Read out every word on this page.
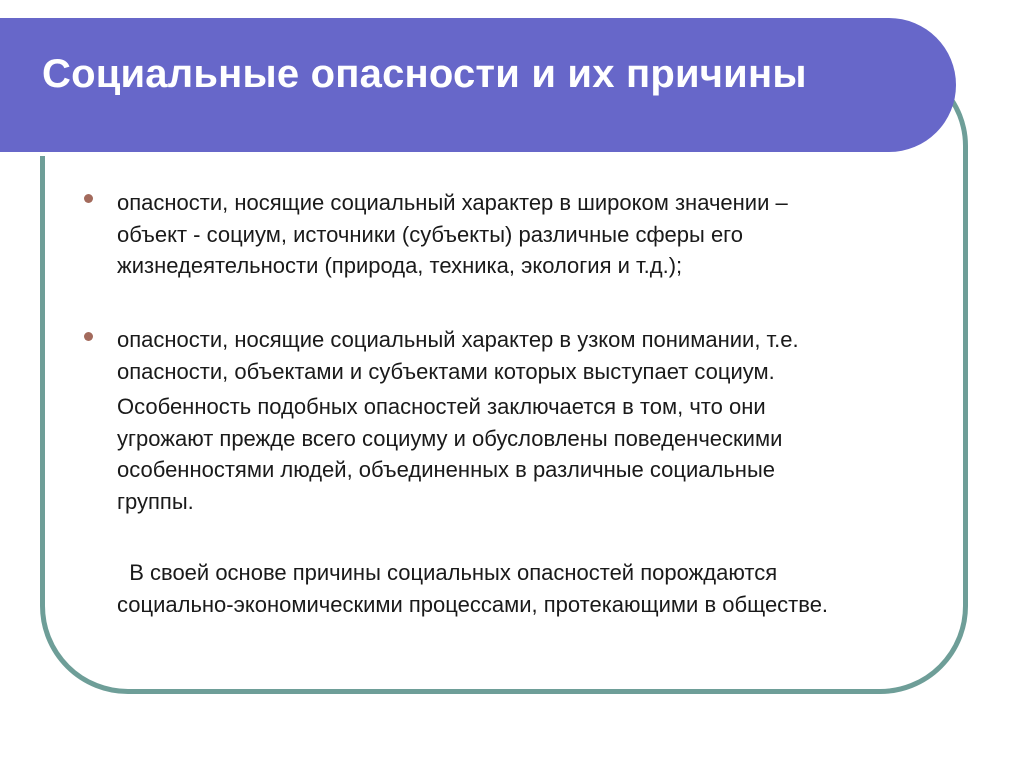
Социальные опасности и их причины

опасности, носящие социальный характер в широком значении –
объект - социум, источники (субъекты) различные сферы его
жизнедеятельности (природа, техника, экология и т.д.);

опасности, носящие социальный характер в узком понимании, т.е.
опасности, объектами и субъектами которых выступает социум.

Особенность подобных опасностей заключается в том, что они
угрожают прежде всего социуму и обусловлены поведенческими
особенностями людей, объединенных в различные социальные
группы.

В своей основе причины социальных опасностей порождаются
социально-экономическими процессами, протекающими в обществе.
